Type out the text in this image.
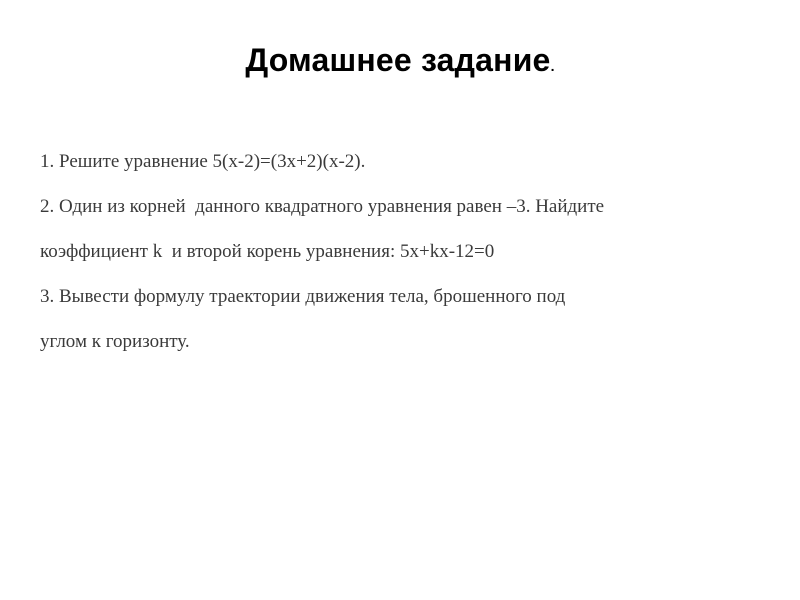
Домашнее задание.
1. Решите уравнение 5(х-2)=(3х+2)(х-2).
2. Один из корней  данного квадратного уравнения равен –3. Найдите
коэффициент k  и второй корень уравнения: 5x+kx-12=0
3. Вывести формулу траектории движения тела, брошенного под
углом к горизонту.
